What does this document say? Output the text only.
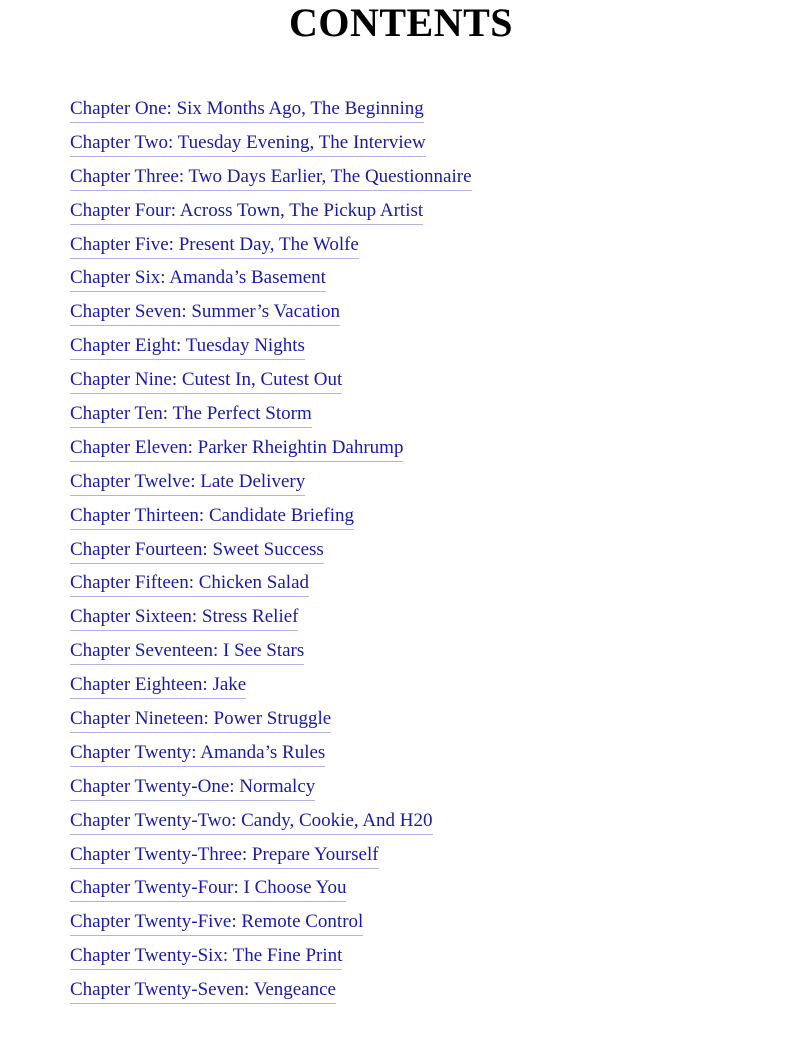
CONTENTS
Chapter One: Six Months Ago, The Beginning
Chapter Two: Tuesday Evening, The Interview
Chapter Three: Two Days Earlier, The Questionnaire
Chapter Four: Across Town, The Pickup Artist
Chapter Five: Present Day, The Wolfe
Chapter Six: Amanda’s Basement
Chapter Seven: Summer’s Vacation
Chapter Eight: Tuesday Nights
Chapter Nine: Cutest In, Cutest Out
Chapter Ten: The Perfect Storm
Chapter Eleven: Parker Rheightin Dahrump
Chapter Twelve: Late Delivery
Chapter Thirteen: Candidate Briefing
Chapter Fourteen: Sweet Success
Chapter Fifteen: Chicken Salad
Chapter Sixteen: Stress Relief
Chapter Seventeen: I See Stars
Chapter Eighteen: Jake
Chapter Nineteen: Power Struggle
Chapter Twenty: Amanda’s Rules
Chapter Twenty-One: Normalcy
Chapter Twenty-Two: Candy, Cookie, And H20
Chapter Twenty-Three: Prepare Yourself
Chapter Twenty-Four: I Choose You
Chapter Twenty-Five: Remote Control
Chapter Twenty-Six: The Fine Print
Chapter Twenty-Seven: Vengeance
